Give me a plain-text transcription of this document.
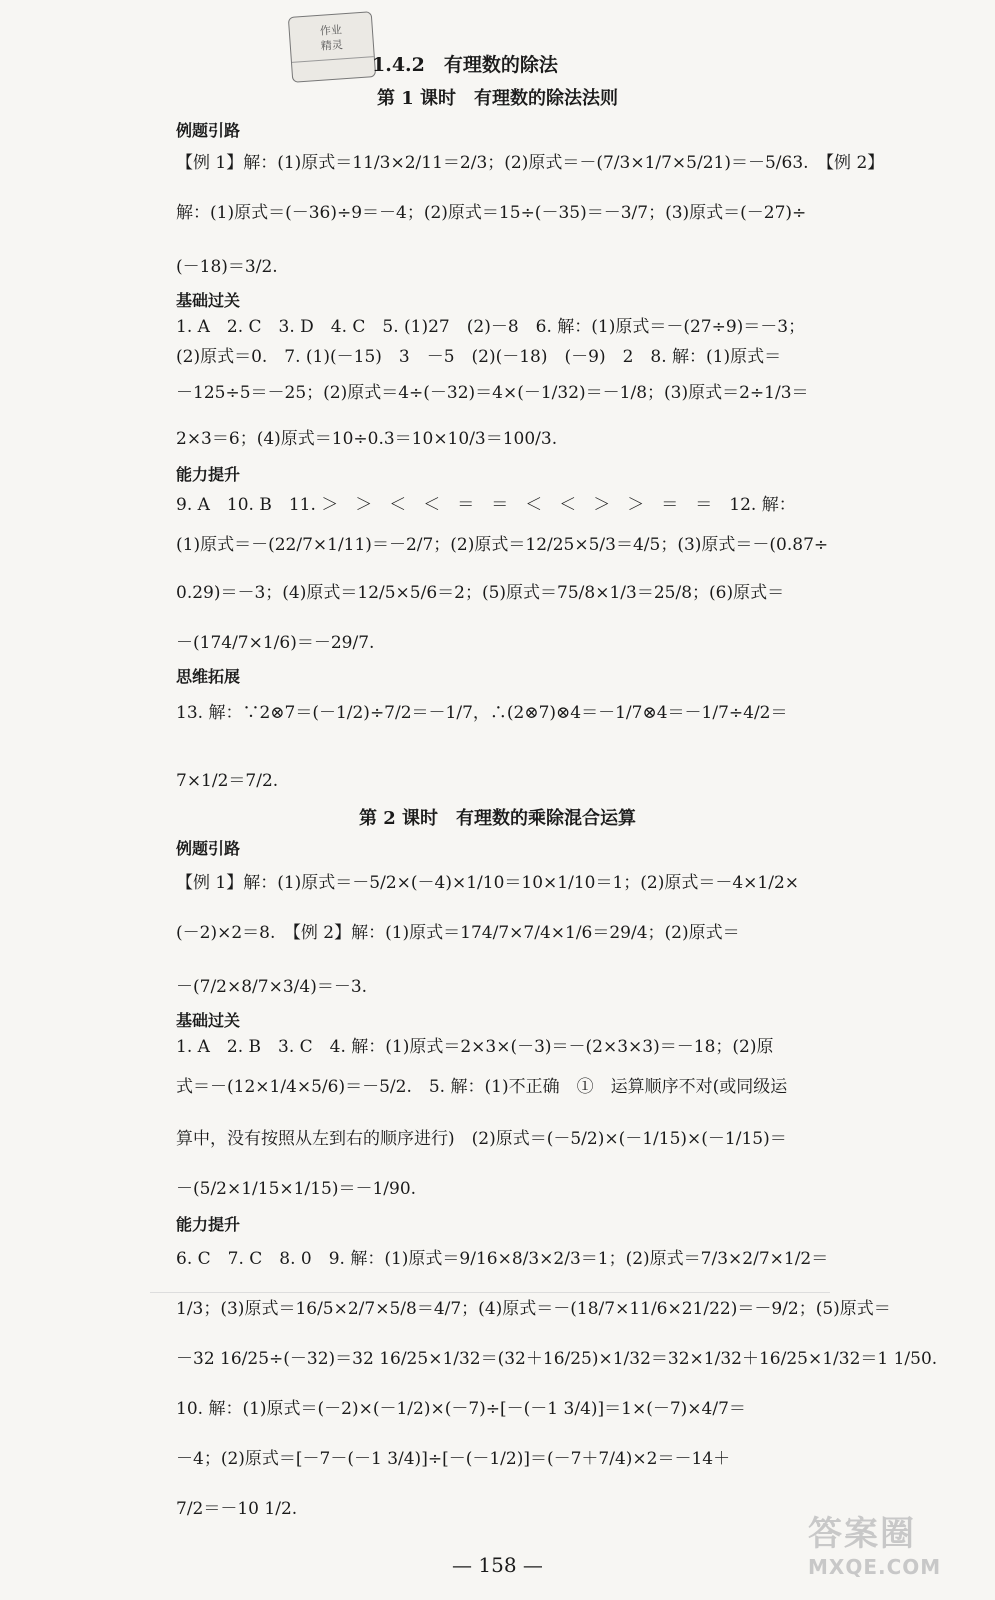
作业
精灵

1.4.2　有理数的除法
第 1 课时　有理数的除法法则
例题引路
【例 1】解：(1)原式＝11/3×2/11＝2/3；(2)原式＝－(7/3×1/7×5/21)＝－5/63.　【例 2】
解：(1)原式＝(－36)÷9＝－4；(2)原式＝15÷(－35)＝－3/7；(3)原式＝(－27)÷
(－18)＝3/2.
基础过关
1. A　2. C　3. D　4. C　5. (1)27　(2)－8　6. 解：(1)原式＝－(27÷9)＝－3；
(2)原式＝0.　7. (1)(－15)　3　－5　(2)(－18)　(－9)　2　8. 解：(1)原式＝
－125÷5＝－25；(2)原式＝4÷(－32)＝4×(－1/32)＝－1/8；(3)原式＝2÷1/3＝
2×3＝6；(4)原式＝10÷0.3＝10×10/3＝100/3.
能力提升
9. A　10. B　11. ＞　＞　＜　＜　＝　＝　＜　＜　＞　＞　＝　＝　12. 解：
(1)原式＝－(22/7×1/11)＝－2/7；(2)原式＝12/25×5/3＝4/5；(3)原式＝－(0.87÷
0.29)＝－3；(4)原式＝12/5×5/6＝2；(5)原式＝75/8×1/3＝25/8；(6)原式＝
－(174/7×1/6)＝－29/7.
思维拓展
13. 解：∵2⊗7＝(－1/2)÷7/2＝－1/7，∴(2⊗7)⊗4＝－1/7⊗4＝－1/7÷4/2＝
7×1/2＝7/2.
第 2 课时　有理数的乘除混合运算
例题引路
【例 1】解：(1)原式＝－5/2×(－4)×1/10＝10×1/10＝1；(2)原式＝－4×1/2×
(－2)×2＝8.　【例 2】解：(1)原式＝174/7×7/4×1/6＝29/4；(2)原式＝
－(7/2×8/7×3/4)＝－3.
基础过关
1. A　2. B　3. C　4. 解：(1)原式＝2×3×(－3)＝－(2×3×3)＝－18；(2)原
式＝－(12×1/4×5/6)＝－5/2.　5. 解：(1)不正确　①　运算顺序不对(或同级运
算中，没有按照从左到右的顺序进行)　(2)原式＝(－5/2)×(－1/15)×(－1/15)＝
－(5/2×1/15×1/15)＝－1/90.
能力提升
6. C　7. C　8. 0　9. 解：(1)原式＝9/16×8/3×2/3＝1；(2)原式＝7/3×2/7×1/2＝
1/3；(3)原式＝16/5×2/7×5/8＝4/7；(4)原式＝－(18/7×11/6×21/22)＝－9/2；(5)原式＝
－32 16/25÷(－32)＝32 16/25×1/32＝(32＋16/25)×1/32＝32×1/32＋16/25×1/32＝1 1/50.
10. 解：(1)原式＝(－2)×(－1/2)×(－7)÷[－(－1 3/4)]＝1×(－7)×4/7＝
－4；(2)原式＝[－7－(－1 3/4)]÷[－(－1/2)]＝(－7＋7/4)×2＝－14＋
7/2＝－10 1/2.
— 158 —
答案圈
MXQE.COM
